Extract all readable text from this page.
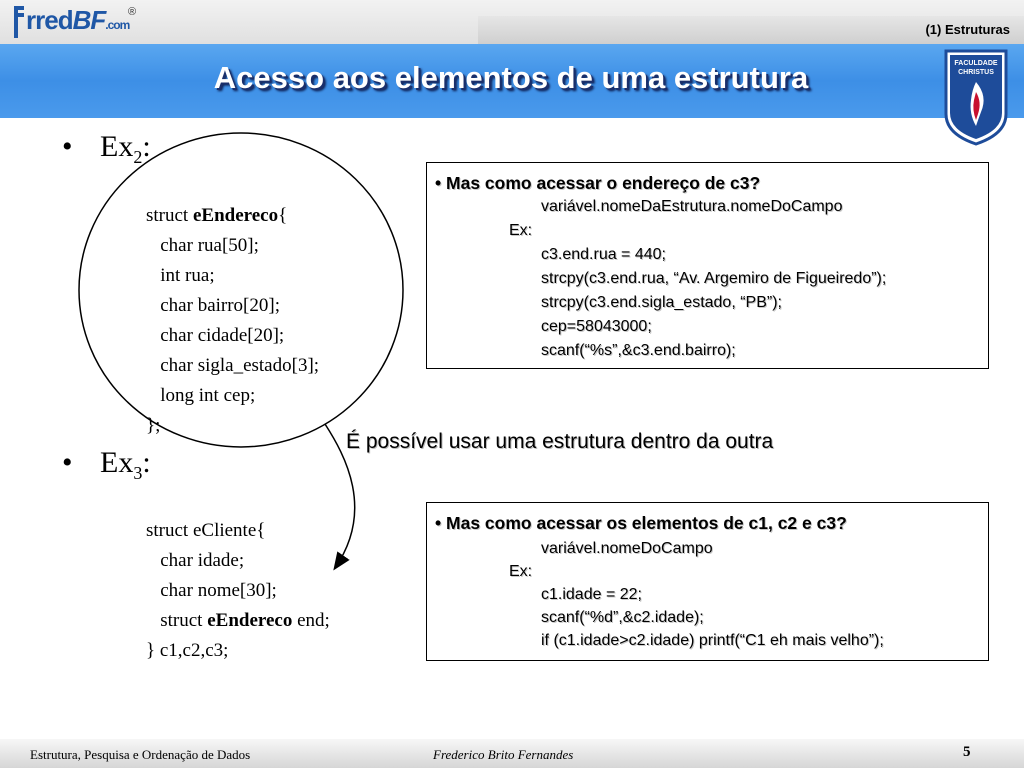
(1) Estruturas
rredBF.com
®
Acesso aos elementos de uma estrutura	FACULDADE
CHRISTUS
• $Ex_2$:

struct eEndereco{
char rua[50];
int rua;
char bairro[20];
char cidade[20];
char sigla_estado[3];
long int cep;
};
• $Ex_3$:

struct eCliente{
char idade;
char nome[30];
struct eEndereco end;
} c1,c2,c3;
• Mas como acessar o endereço de c3?
variável.nomeDaEstrutura.nomeDoCampo
Ex:
c3.end.rua = 440;
strcpy(c3.end.rua, “Av. Argemiro de Figueiredo”);
strcpy(c3.end.sigla_estado, “PB”);
cep=58043000;
scanf(“%s”,&c3.end.bairro);
É possível usar uma estrutura dentro da outra
• Mas como acessar os elementos de c1, c2 e c3?
variável.nomeDoCampo
Ex:
c1.idade = 22;
scanf(“%d”,&c2.idade);
if (c1.idade>c2.idade) printf(“C1 eh mais velho”);
Estrutura, Pesquisa e Ordenação de Dados	Frederico Brito Fernandes	5
